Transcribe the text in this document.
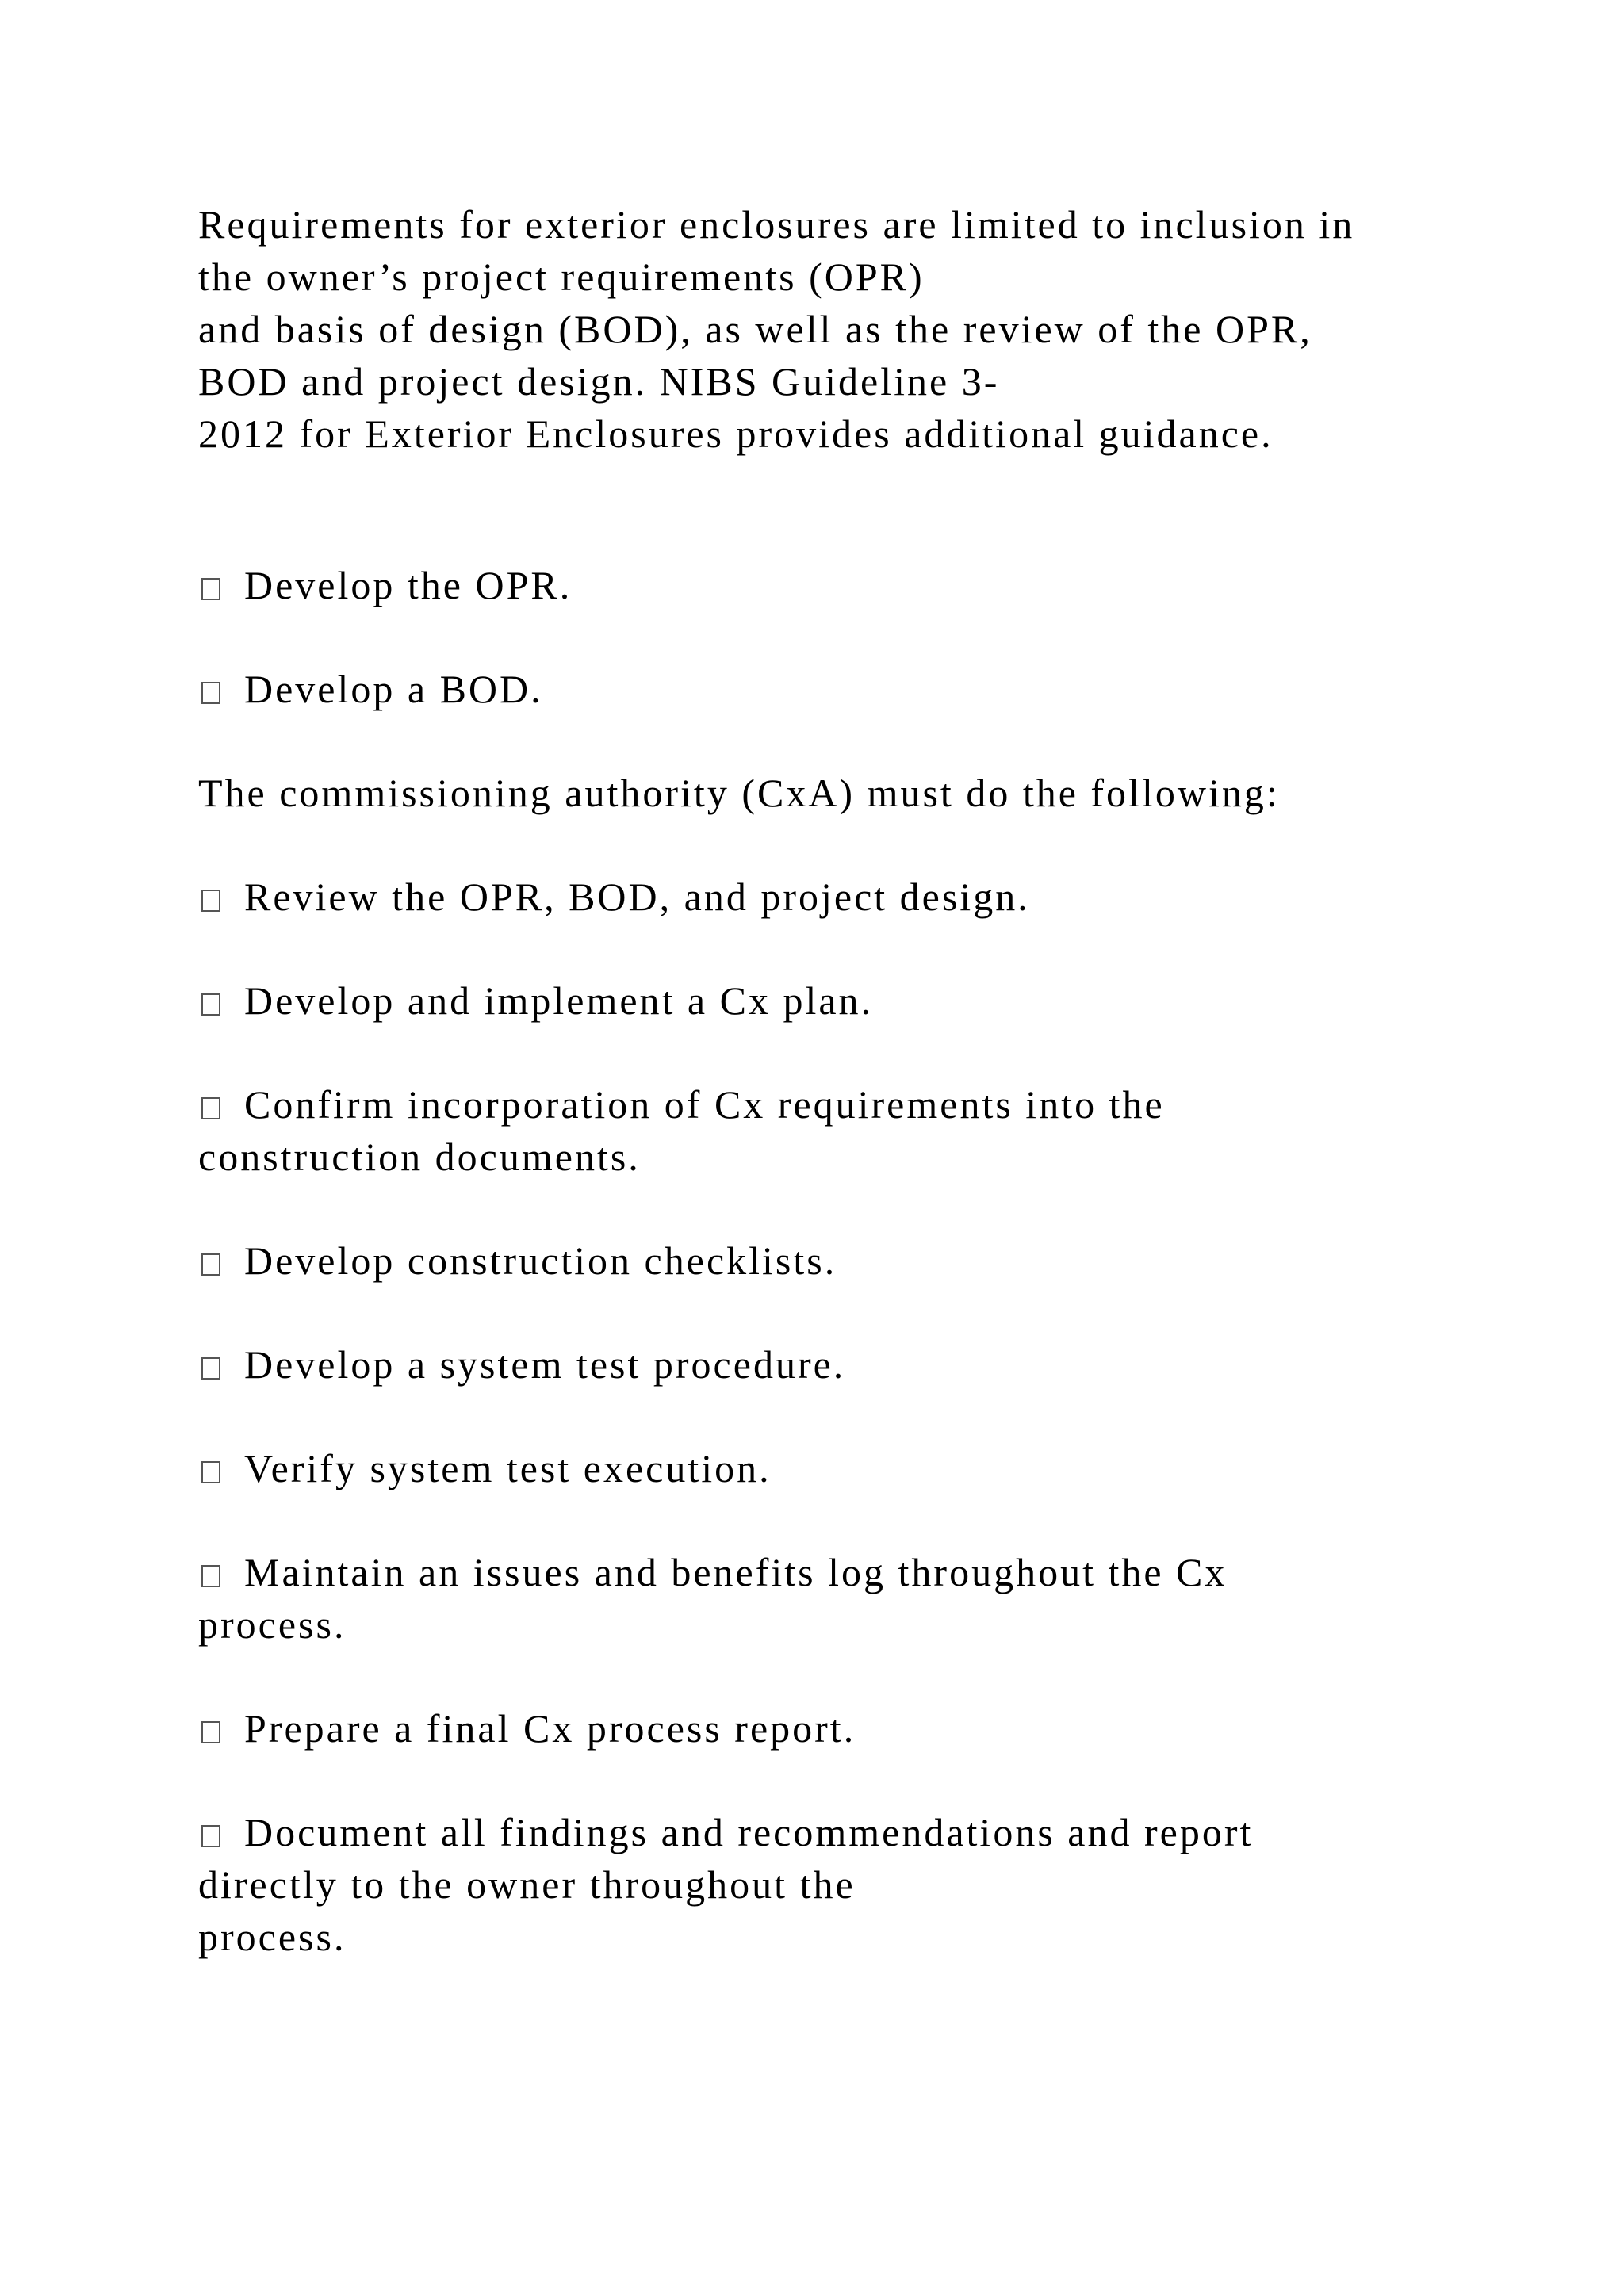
Requirements for exterior enclosures are limited to inclusion in
the owner’s project requirements (OPR)
and basis of design (BOD), as well as the review of the OPR,
BOD and project design. NIBS Guideline 3-
2012 for Exterior Enclosures provides additional guidance.
Develop the OPR.
Develop a BOD.
The commissioning authority (CxA) must do the following:
Review the OPR, BOD, and project design.
Develop and implement a Cx plan.
Confirm incorporation of Cx requirements into the
construction documents.
Develop construction checklists.
Develop a system test procedure.
Verify system test execution.
Maintain an issues and benefits log throughout the Cx
process.
Prepare a final Cx process report.
Document all findings and recommendations and report
directly to the owner throughout the
process.
